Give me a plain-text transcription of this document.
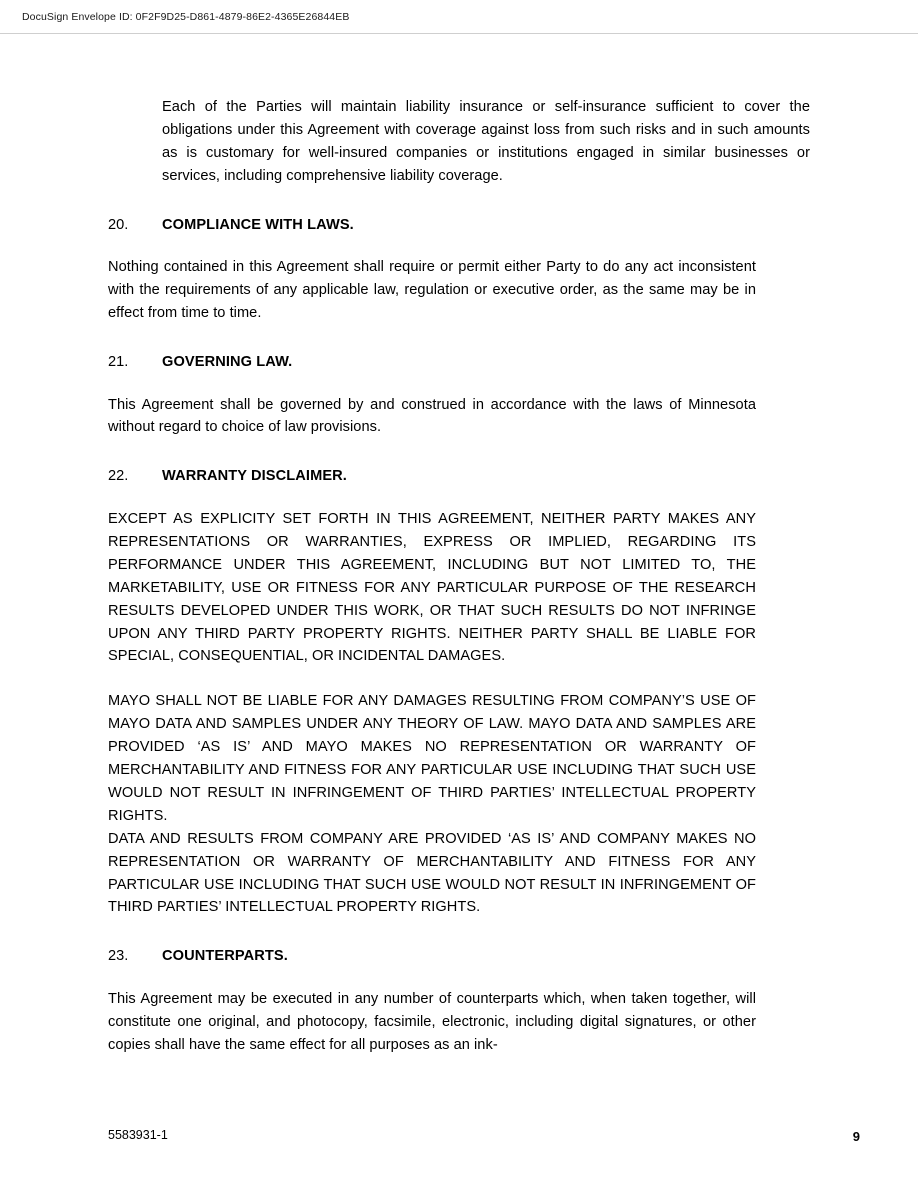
DocuSign Envelope ID: 0F2F9D25-D861-4879-86E2-4365E26844EB

Each of the Parties will maintain liability insurance or self-insurance sufficient to cover the obligations under this Agreement with coverage against loss from such risks and in such amounts as is customary for well-insured companies or institutions engaged in similar businesses or services, including comprehensive liability coverage.

20.	COMPLIANCE WITH LAWS.

Nothing contained in this Agreement shall require or permit either Party to do any act inconsistent with the requirements of any applicable law, regulation or executive order, as the same may be in effect from time to time.

21.	GOVERNING LAW.

This Agreement shall be governed by and construed in accordance with the laws of Minnesota without regard to choice of law provisions.

22.	WARRANTY DISCLAIMER.

EXCEPT AS EXPLICITY SET FORTH IN THIS AGREEMENT, NEITHER PARTY MAKES ANY REPRESENTATIONS OR WARRANTIES, EXPRESS OR IMPLIED, REGARDING ITS PERFORMANCE UNDER THIS AGREEMENT, INCLUDING BUT NOT LIMITED TO, THE MARKETABILITY, USE OR FITNESS FOR ANY PARTICULAR PURPOSE OF THE RESEARCH RESULTS DEVELOPED UNDER THIS WORK, OR THAT SUCH RESULTS DO NOT INFRINGE UPON ANY THIRD PARTY PROPERTY RIGHTS. NEITHER PARTY SHALL BE LIABLE FOR SPECIAL, CONSEQUENTIAL, OR INCIDENTAL DAMAGES.

MAYO SHALL NOT BE LIABLE FOR ANY DAMAGES RESULTING FROM COMPANY’S USE OF MAYO DATA AND SAMPLES UNDER ANY THEORY OF LAW. MAYO DATA AND SAMPLES ARE PROVIDED ‘AS IS’ AND MAYO MAKES NO REPRESENTATION OR WARRANTY OF MERCHANTABILITY AND FITNESS FOR ANY PARTICULAR USE INCLUDING THAT SUCH USE WOULD NOT RESULT IN INFRINGEMENT OF THIRD PARTIES’ INTELLECTUAL PROPERTY RIGHTS.

DATA AND RESULTS FROM COMPANY ARE PROVIDED ‘AS IS’ AND COMPANY MAKES NO REPRESENTATION OR WARRANTY OF MERCHANTABILITY AND FITNESS FOR ANY PARTICULAR USE INCLUDING THAT SUCH USE WOULD NOT RESULT IN INFRINGEMENT OF THIRD PARTIES’ INTELLECTUAL PROPERTY RIGHTS.

23.	COUNTERPARTS.

This Agreement may be executed in any number of counterparts which, when taken together, will constitute one original, and photocopy, facsimile, electronic, including digital signatures, or other copies shall have the same effect for all purposes as an ink-

5583931-1	9
